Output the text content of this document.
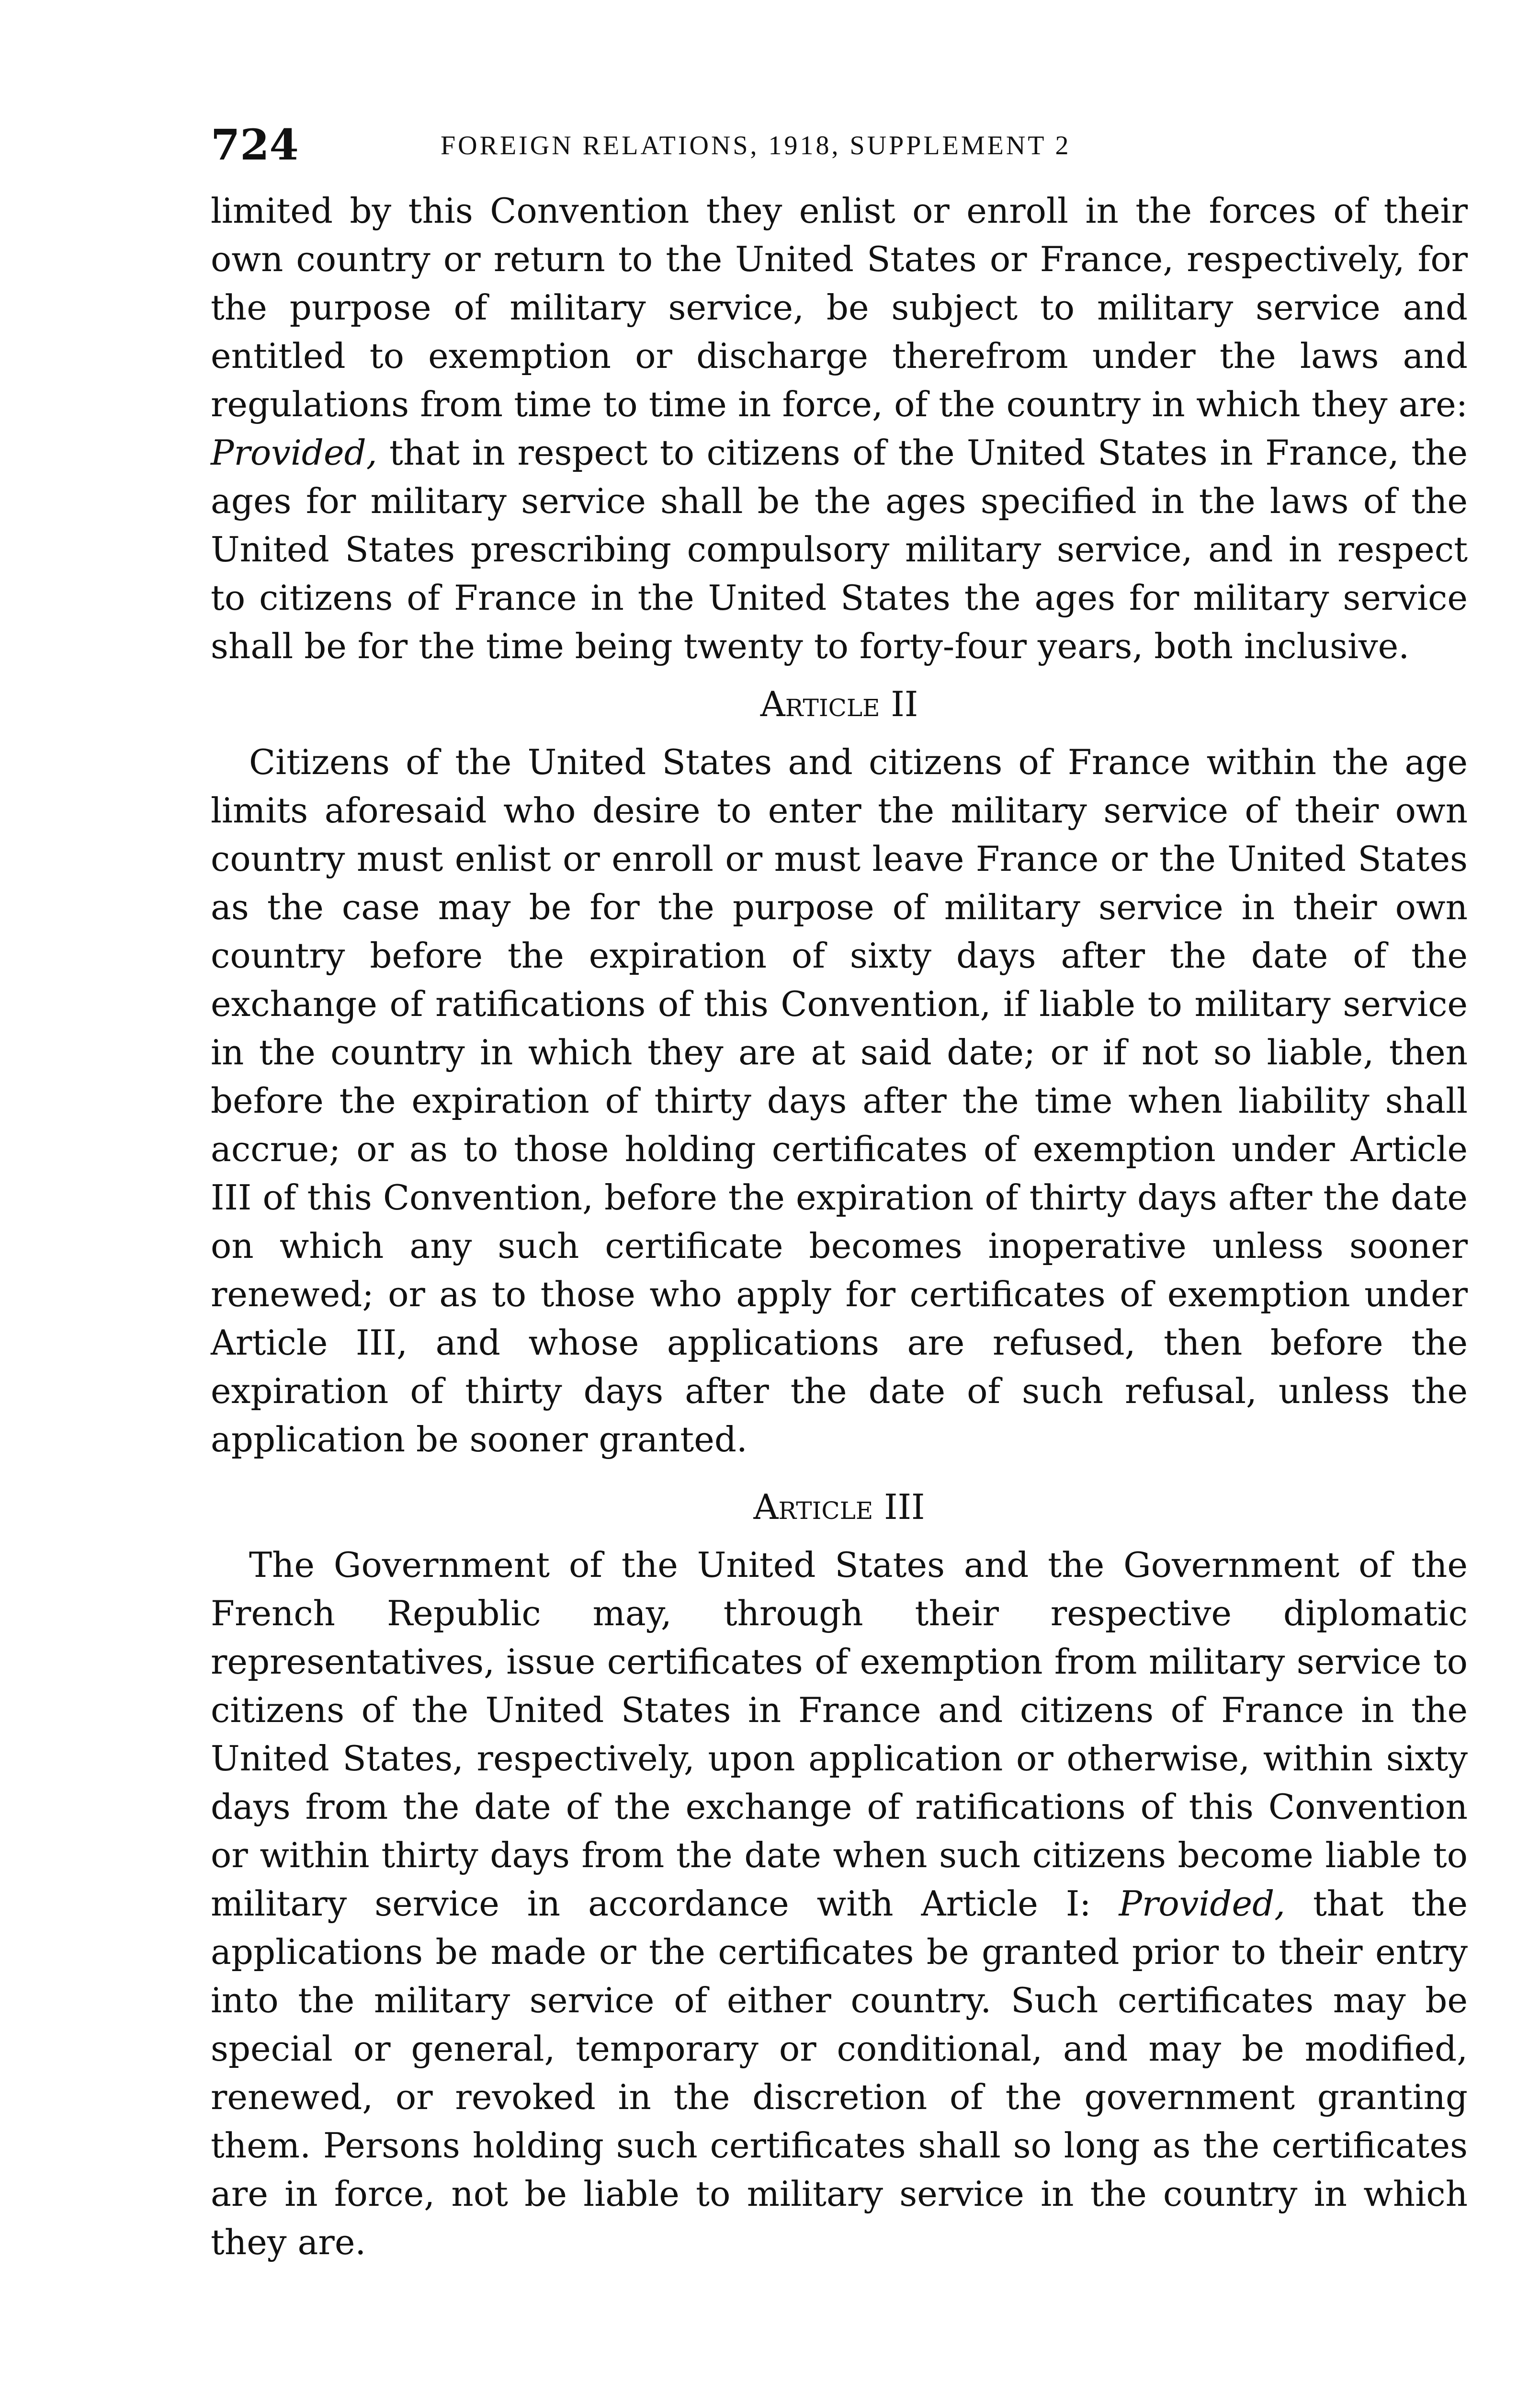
724	FOREIGN RELATIONS, 1918, SUPPLEMENT 2

limited by this Convention they enlist or enroll in the forces of their own country or return to the United States or France, respectively, for the purpose of military service, be subject to military service and entitled to exemption or discharge therefrom under the laws and regulations from time to time in force, of the country in which they are: Provided, that in respect to citizens of the United States in France, the ages for military service shall be the ages specified in the laws of the United States prescribing compulsory military service, and in respect to citizens of France in the United States the ages for military service shall be for the time being twenty to forty-four years, both inclusive.

Article II

Citizens of the United States and citizens of France within the age limits aforesaid who desire to enter the military service of their own country must enlist or enroll or must leave France or the United States as the case may be for the purpose of military service in their own country before the expiration of sixty days after the date of the exchange of ratifications of this Convention, if liable to military service in the country in which they are at said date; or if not so liable, then before the expiration of thirty days after the time when liability shall accrue; or as to those holding certificates of exemption under Article III of this Convention, before the expiration of thirty days after the date on which any such certificate becomes inoperative unless sooner renewed; or as to those who apply for certificates of exemption under Article III, and whose applications are refused, then before the expiration of thirty days after the date of such refusal, unless the application be sooner granted.

Article III

The Government of the United States and the Government of the French Republic may, through their respective diplomatic representatives, issue certificates of exemption from military service to citizens of the United States in France and citizens of France in the United States, respectively, upon application or otherwise, within sixty days from the date of the exchange of ratifications of this Convention or within thirty days from the date when such citizens become liable to military service in accordance with Article I: Provided, that the applications be made or the certificates be granted prior to their entry into the military service of either country. Such certificates may be special or general, temporary or conditional, and may be modified, renewed, or revoked in the discretion of the government granting them. Persons holding such certificates shall so long as the certificates are in force, not be liable to military service in the country in which they are.
